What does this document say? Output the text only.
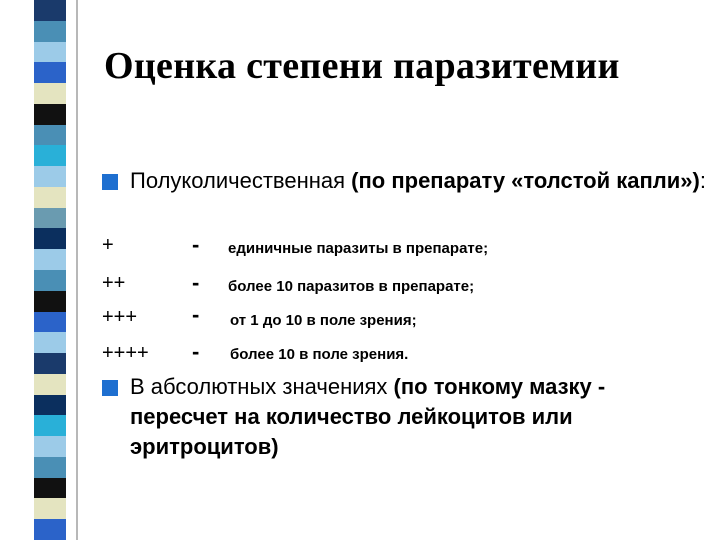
Оценка степени паразитемии
Полуколичественная (по препарату «толстой капли»):
+	- единичные паразиты в препарате;
++	- более 10 паразитов в препарате;
+++ - от 1 до 10 в поле зрения;
++++ - более 10 в поле зрения.
В абсолютных значениях (по тонкому мазку - пересчет на количество лейкоцитов или эритроцитов)
